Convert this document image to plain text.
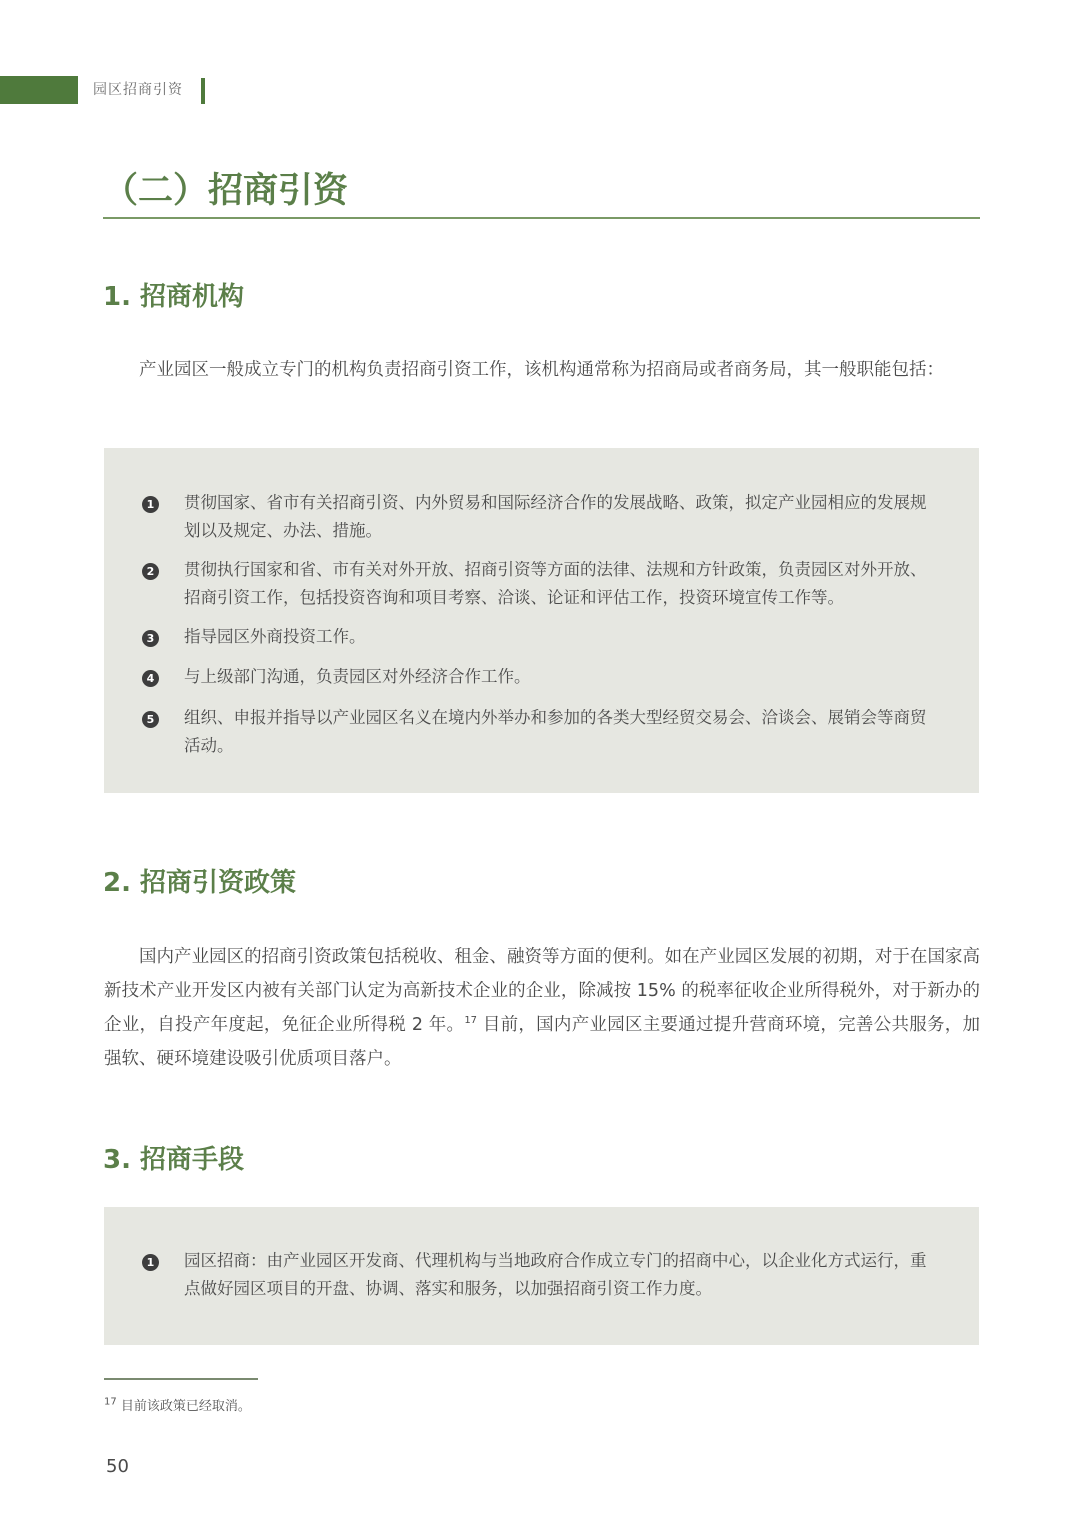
园区招商引资
（二）招商引资
1. 招商机构

产业园区一般成立专门的机构负责招商引资工作，该机构通常称为招商局或者商务局，其一般职能包括：

1 贯彻国家、省市有关招商引资、内外贸易和国际经济合作的发展战略、政策，拟定产业园相应的发展规划以及规定、办法、措施。

2 贯彻执行国家和省、市有关对外开放、招商引资等方面的法律、法规和方针政策，负责园区对外开放、招商引资工作，包括投资咨询和项目考察、洽谈、论证和评估工作，投资环境宣传工作等。

3 指导园区外商投资工作。

4 与上级部门沟通，负责园区对外经济合作工作。

5 组织、申报并指导以产业园区名义在境内外举办和参加的各类大型经贸交易会、洽谈会、展销会等商贸活动。

2. 招商引资政策

国内产业园区的招商引资政策包括税收、租金、融资等方面的便利。如在产业园区发展的初期，对于在国家高新技术产业开发区内被有关部门认定为高新技术企业的企业，除减按 15% 的税率征收企业所得税外，对于新办的企业，自投产年度起，免征企业所得税 2 年。$^{17}$ 目前，国内产业园区主要通过提升营商环境，完善公共服务，加强软、硬环境建设吸引优质项目落户。

3. 招商手段
1 园区招商：由产业园区开发商、代理机构与当地政府合作成立专门的招商中心，以企业化方式运行，重点做好园区项目的开盘、协调、落实和服务，以加强招商引资工作力度。

$^{17}$ 目前该政策已经取消。
50
